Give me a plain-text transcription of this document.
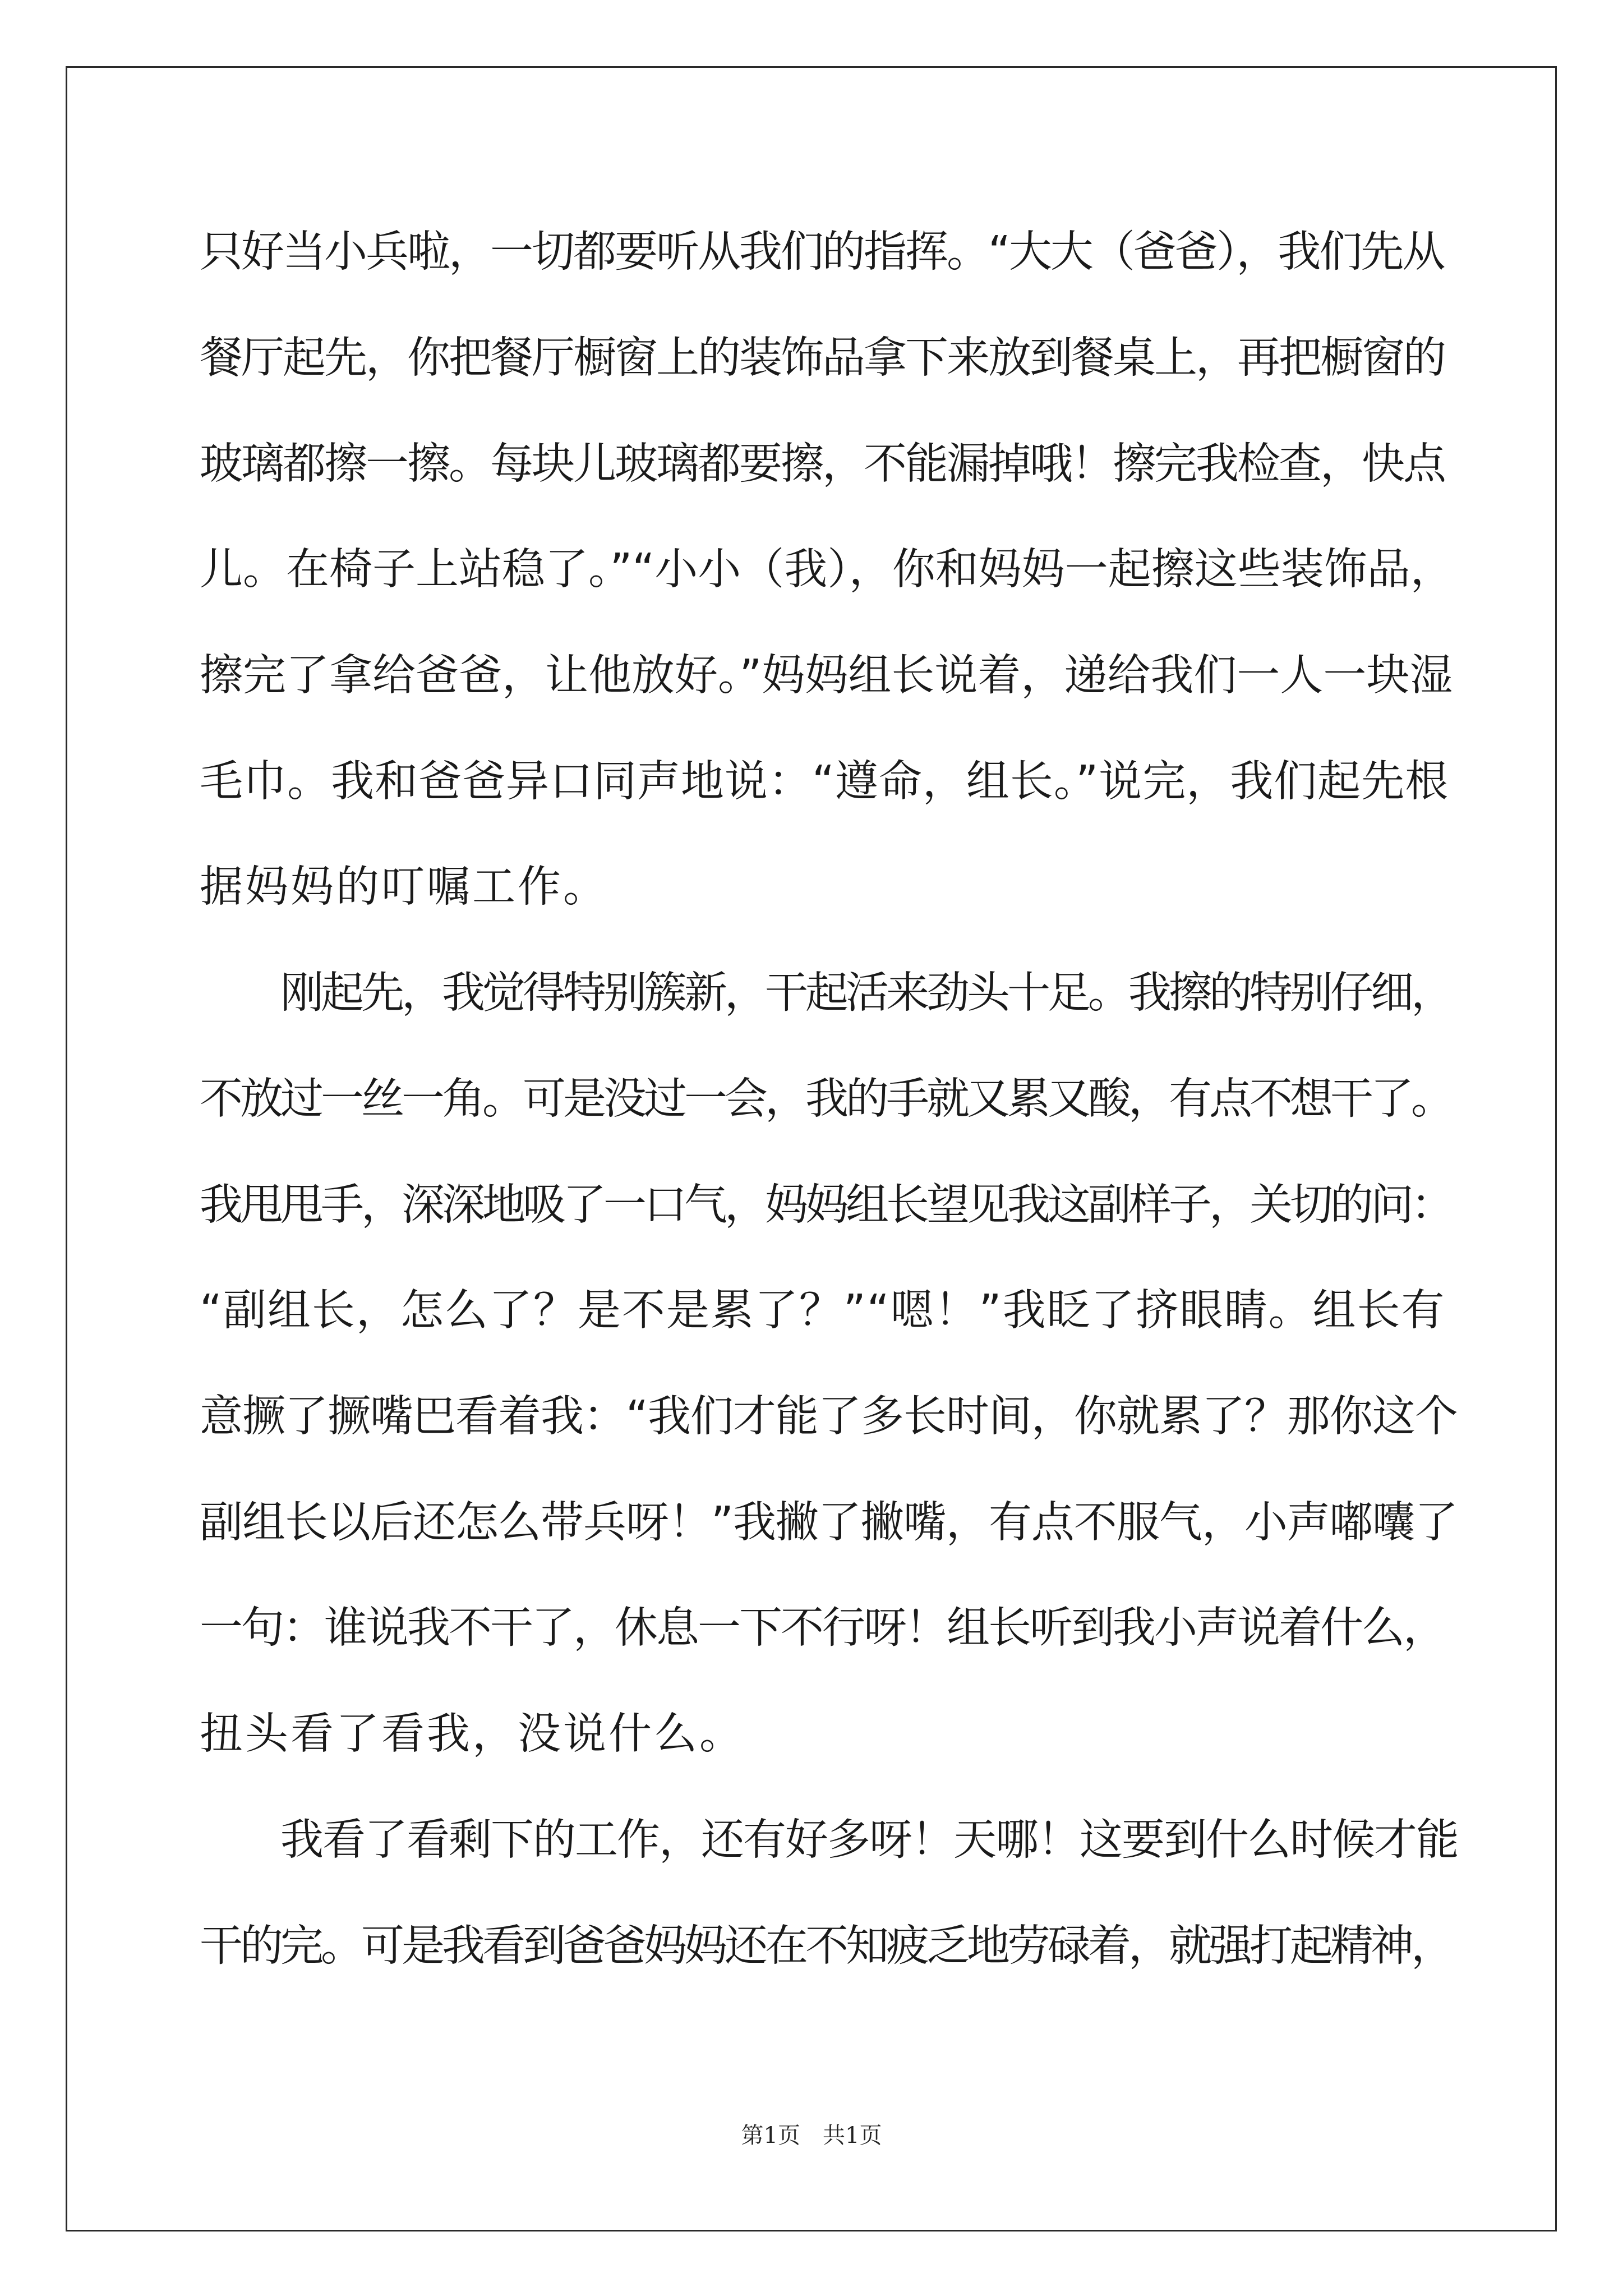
只好当小兵啦，一切都要听从我们的指挥。“大大（爸爸），我们先从
餐厅起先，你把餐厅橱窗上的装饰品拿下来放到餐桌上，再把橱窗的
玻璃都擦一擦。每块儿玻璃都要擦，不能漏掉哦！擦完我检查，快点
儿。在椅子上站稳了。”“小小（我），你和妈妈一起擦这些装饰品，
擦完了拿给爸爸，让他放好。”妈妈组长说着，递给我们一人一块湿
毛巾。我和爸爸异口同声地说：“遵命，组长。”说完，我们起先根
据妈妈的叮嘱工作。
刚起先，我觉得特别簇新，干起活来劲头十足。我擦的特别仔细，
不放过一丝一角。可是没过一会，我的手就又累又酸，有点不想干了。
我甩甩手，深深地吸了一口气，妈妈组长望见我这副样子，关切的问：
“副组长，怎么了？是不是累了？”“嗯！”我眨了挤眼睛。组长有
意撅了撅嘴巴看着我：“我们才能了多长时间，你就累了？那你这个
副组长以后还怎么带兵呀！”我撇了撇嘴，有点不服气，小声嘟囔了
一句：谁说我不干了，休息一下不行呀！组长听到我小声说着什么，
扭头看了看我，没说什么。
我看了看剩下的工作，还有好多呀！天哪！这要到什么时候才能
干的完。可是我看到爸爸妈妈还在不知疲乏地劳碌着，就强打起精神，
第1页　共1页
